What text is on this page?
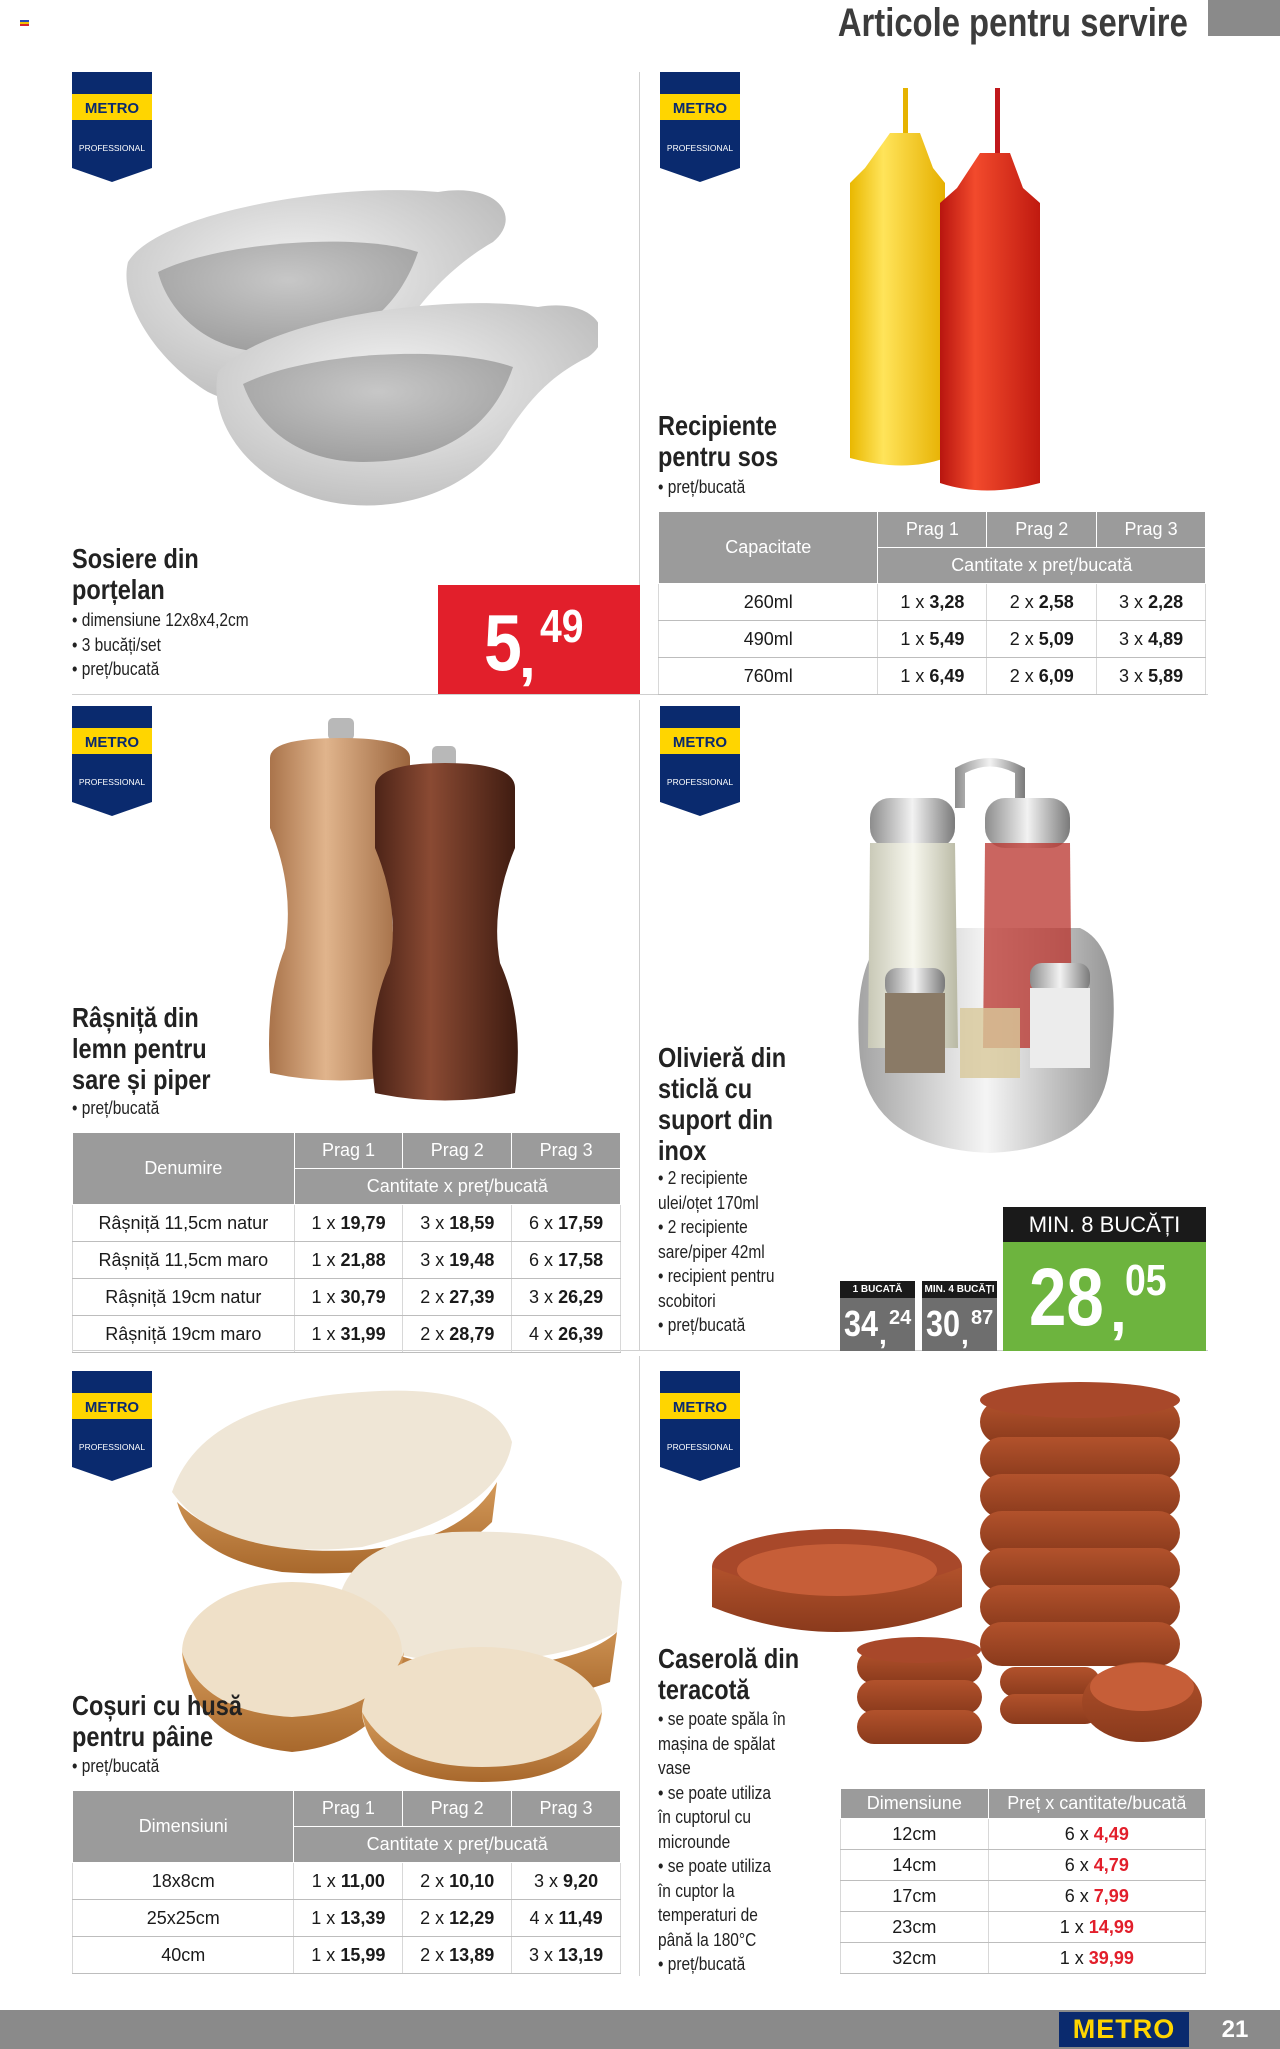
Articole pentru servire
METRO
PROFESSIONAL
Sosiere din
porțelan
• dimensiune 12x8x4,2cm
• 3 bucăți/set
• preț/bucată	5
, 49
METRO
PROFESSIONAL
Recipiente
pentru sos
• preț/bucată
Capacitate	Prag 1	Prag 2	Prag 3
	Cantitate x preț/bucată		
260ml	1 x 3,28	2 x 2,58	3 x 2,28
490ml	1 x 5,49	2 x 5,09	3 x 4,89
760ml	1 x 6,49	2 x 6,09	3 x 5,89
METRO
PROFESSIONAL
Râșniță din
lemn pentru
sare și piper
• preț/bucată
Denumire	Prag 1	Prag 2	Prag 3
	Cantitate x preț/bucată		
Râșniță 11,5cm natur	1 x 19,79	3 x 18,59	6 x 17,59
Râșniță 11,5cm maro	1 x 21,88	3 x 19,48	6 x 17,58
Râșniță 19cm natur	1 x 30,79	2 x 27,39	3 x 26,29
Râșniță 19cm maro	1 x 31,99	2 x 28,79	4 x 26,39
METRO
PROFESSIONAL
Olivieră din
sticlă cu
suport din
inox
• 2 recipiente
ulei/oțet 170ml
• 2 recipiente
sare/piper 42ml
• recipient pentru
scobitori
• preț/bucată
1 BUCATĂ
34 ,
24
MIN. 4 BUCĂȚI
30 ,
87
MIN. 8 BUCĂȚI
28 ,
05
METRO
PROFESSIONAL
Coșuri cu husă
pentru pâine
• preț/bucată
Dimensiuni	Prag 1	Prag 2	Prag 3
	Cantitate x preț/bucată		
18x8cm	1 x 11,00	2 x 10,10	3 x 9,20
25x25cm	1 x 13,39	2 x 12,29	4 x 11,49
40cm	1 x 15,99	2 x 13,89	3 x 13,19
METRO
PROFESSIONAL
Caserolă din
teracotă
• se poate spăla în
mașina de spălat
vase
• se poate utiliza
în cuptorul cu
microunde
• se poate utiliza
în cuptor la
temperaturi de
până la 180°C
• preț/bucată
Dimensiune	Preț x cantitate/bucată
12cm	6 x 4,49
14cm	6 x 4,79
17cm	6 x 7,99
23cm	1 x 14,99
32cm	1 x 39,99
METRO	21
